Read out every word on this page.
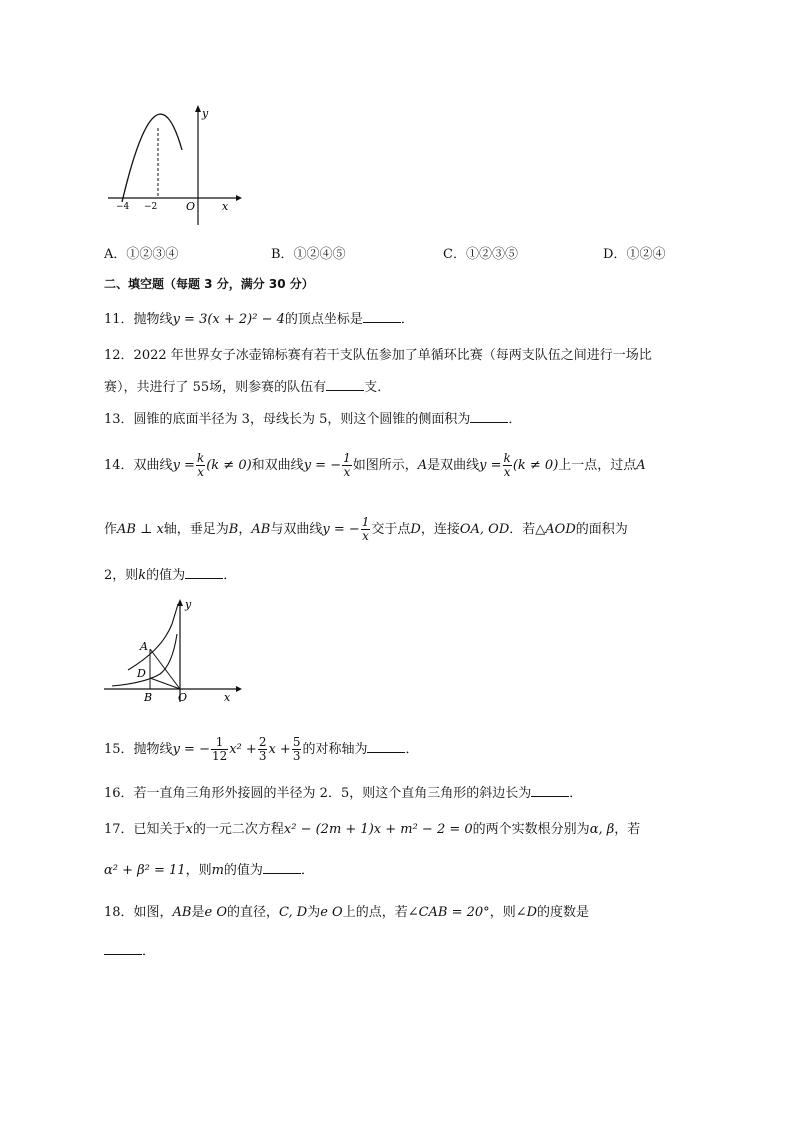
y
x
O
−4 −2
A．①②③④	B．①②④⑤	C．①②③⑤	D．①②④
二、填空题（每题 3 分，满分 30 分）
11．抛物线y = 3(x + 2)² − 4的顶点坐标是	．
12．2022 年世界女子冰壶锦标赛有若干支队伍参加了单循环比赛（每两支队伍之间进行一场比
赛），共进行了 55场，则参赛的队伍有	支．
13．圆锥的底面半径为 3，母线长为 5，则这个圆锥的侧面积为	．
14．双曲线$y = \frac{k}{x} (k \ne 0)$和双曲线y = − $\frac{1}{x}$ 如图所示，A是双曲线$y = \frac{k}{x} (k \ne 0)$上一点，过点A
作AB ⊥ x轴，垂足为B，AB与双曲线y = − $\frac{1}{x}$ 交于点D，连接OA, OD．若△AOD的面积为
2，则k的值为	．
y
x
O
A
D
B
15．抛物线y = − $\frac{1}{12} x^2 + \frac{2}{3}$ $x + \frac{5}{3}$ 的对称轴为	．
16．若一直角三角形外接圆的半径为 2．5，则这个直角三角形的斜边长为	．
17．已知关于x的一元二次方程x² − (2m + 1)x + m² − 2 = 0的两个实数根分别为α, β，若
α² + β² = 11，则m的值为	．
18．如图，AB是e O的直径，C, D为e O上的点，若∠CAB = 20°，则∠D的度数是
．
